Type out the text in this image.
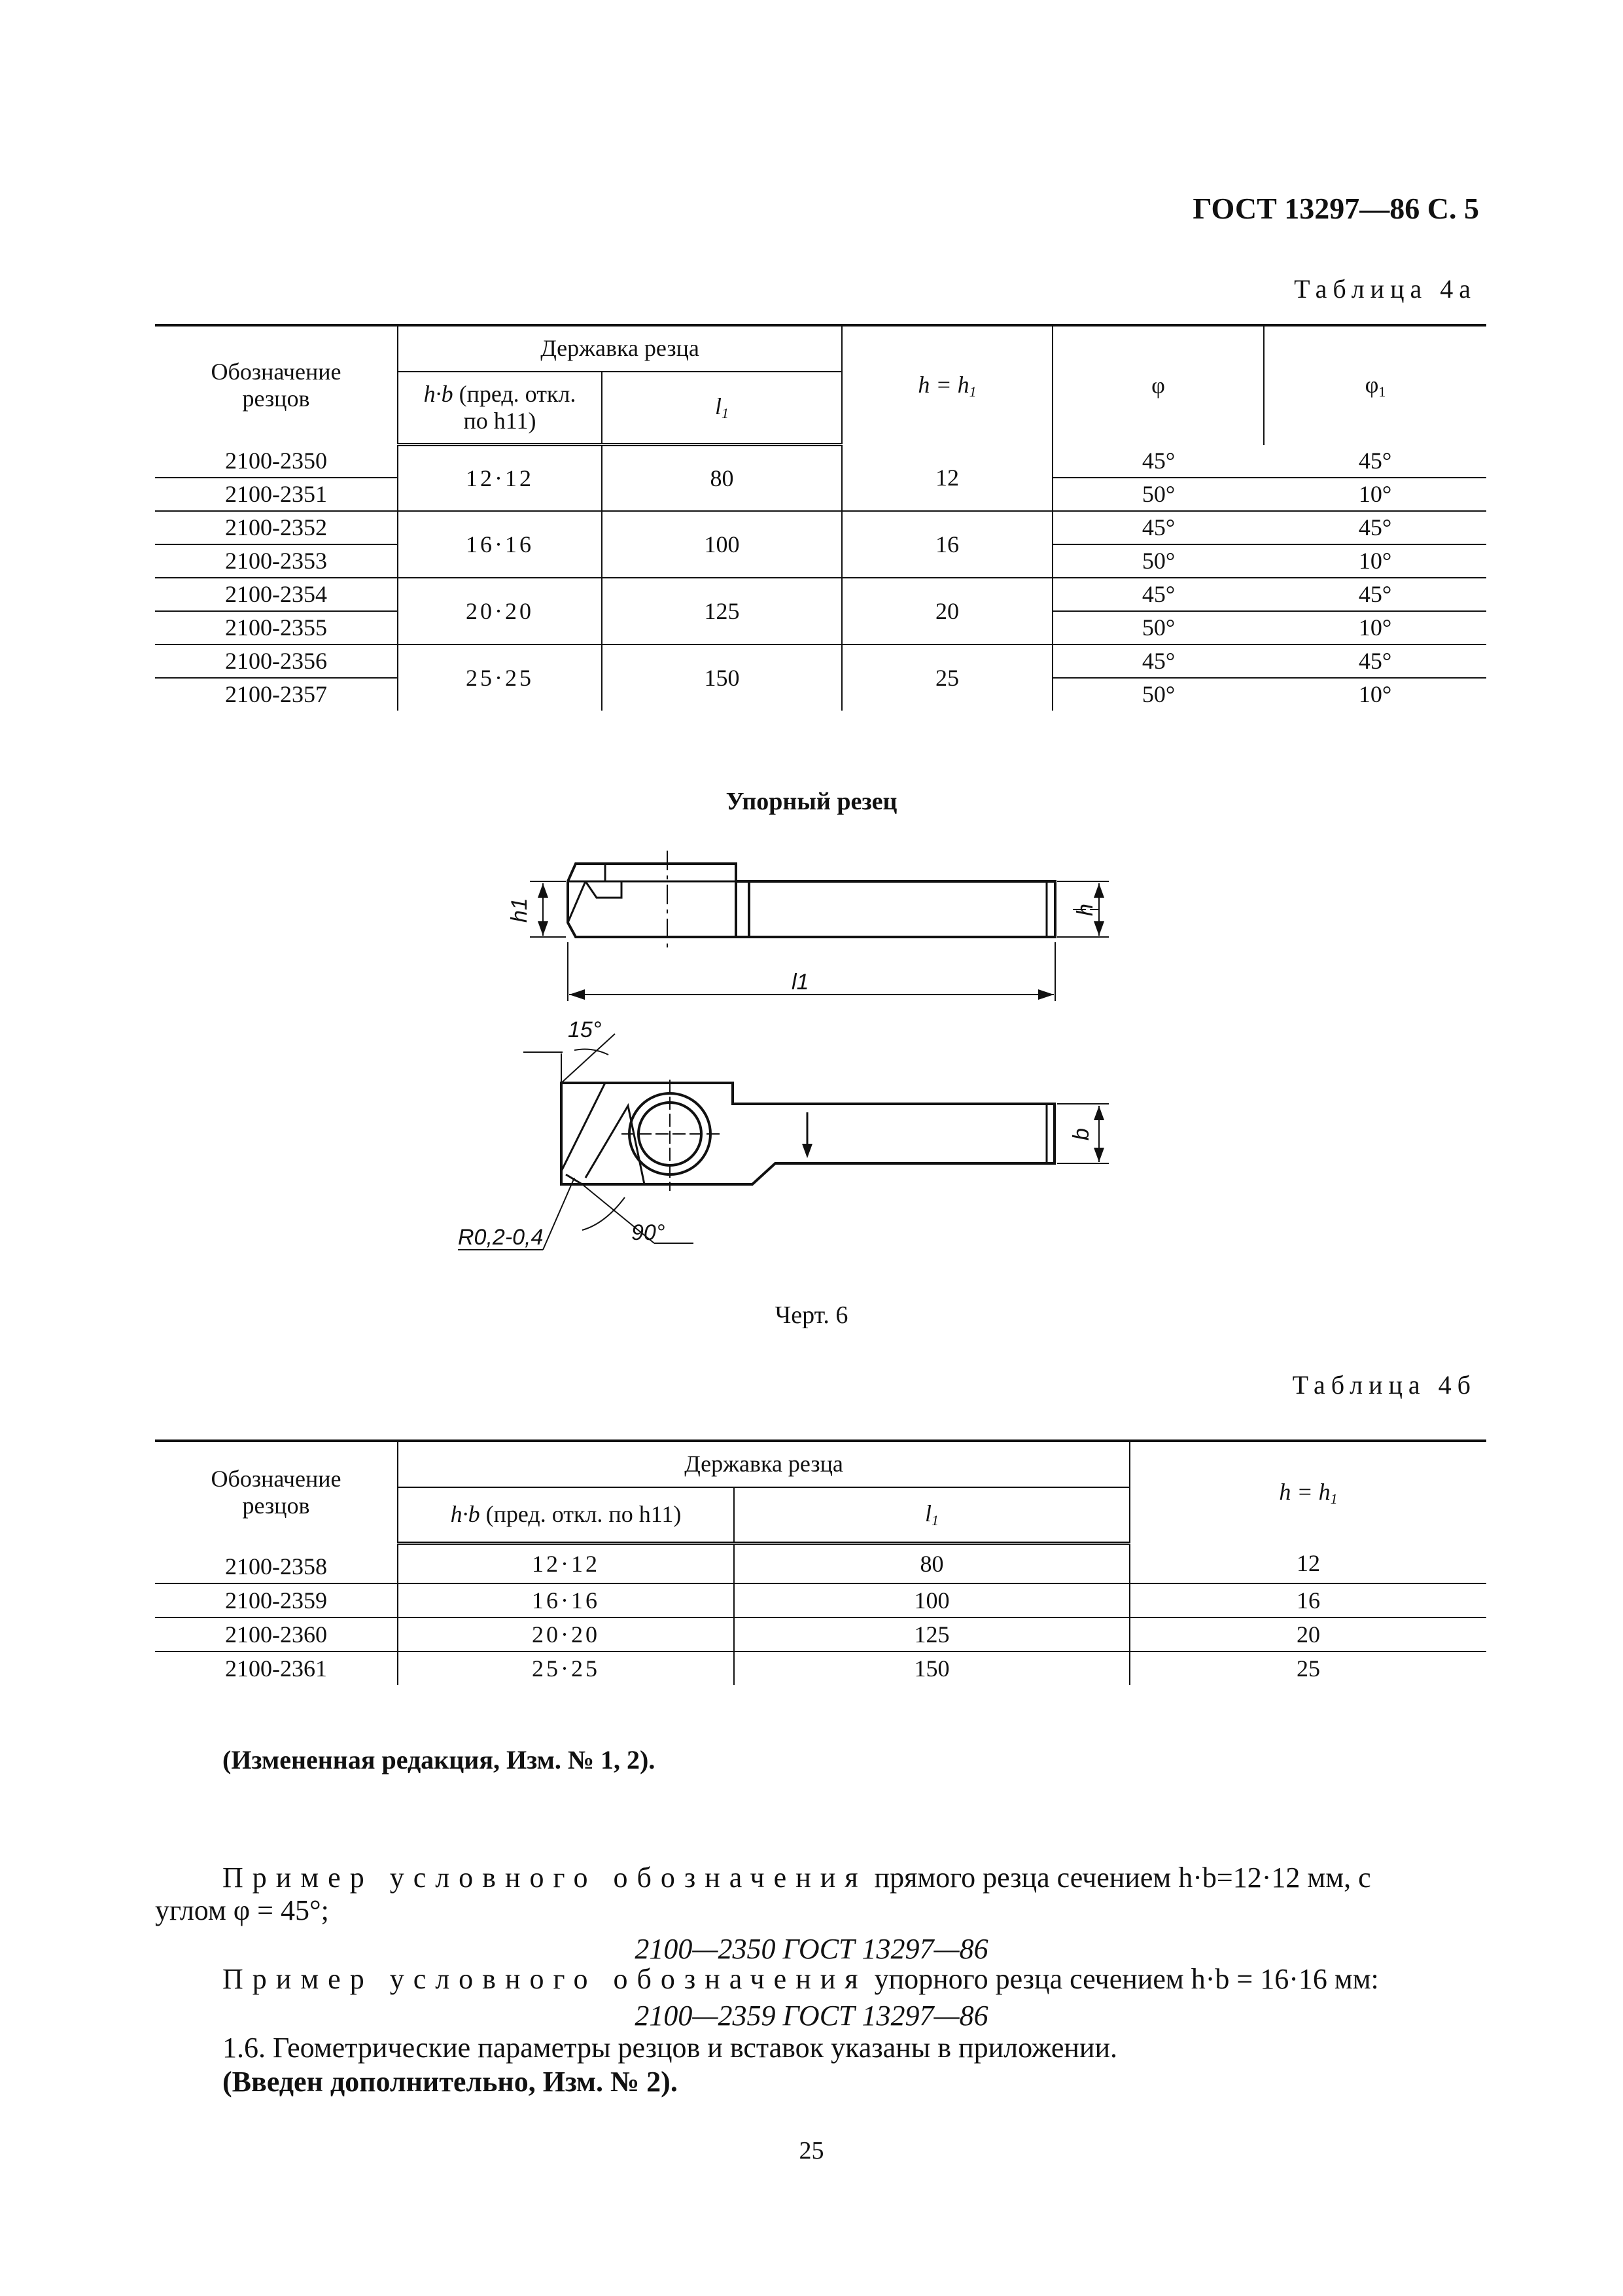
ГОСТ 13297—86 С. 5
Таблица 4а
Обозначение резцов	Державка резца		$h = h_1$	φ	$\varphi_1$
	h·b (пред. откл. по h11)	$l_1$
2100-2350	12·12	80	12	45°	45°
2100-2351				50°	10°
2100-2352	16·16	100	16	45°	45°
2100-2353				50°	10°
2100-2354	20·20	125	20	45°	45°
2100-2355				50°	10°
2100-2356	25·25	150	25	45°	45°
2100-2357				50°	10°
Упорный резец
h1	h
l1
15°
b
R0,2-0,4	90°
Черт. 6
Таблица 4б
Обозначение резцов	Державка резца		$h = h_1$
	h·b (пред. откл. по h11)	$l_1$
2100-2358	12·12	80	12
2100-2359	16·16	100	16
2100-2360	20·20	125	20
2100-2361	25·25	150	25
(Измененная редакция, Изм. № 1, 2).
Пример условного обозначения прямого резца сечением h·b=12·12 мм, с
углом φ = 45°;
2100—2350 ГОСТ 13297—86
Пример условного обозначения упорного резца сечением h·b = 16·16 мм:
2100—2359 ГОСТ 13297—86
1.6. Геометрические параметры резцов и вставок указаны в приложении.
(Введен дополнительно, Изм. № 2).
25
